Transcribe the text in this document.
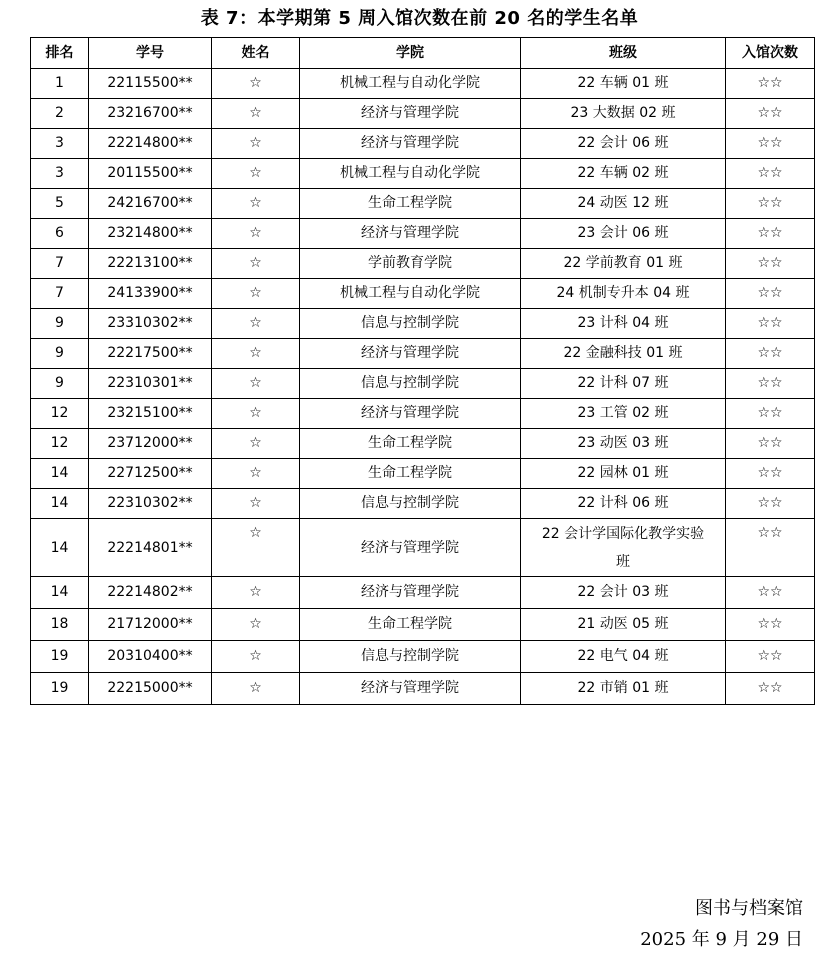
表 7：本学期第 5 周入馆次数在前 20 名的学生名单
排名	学号	姓名	学院	班级	入馆次数
1	22115500**	☆	机械工程与自动化学院	22 车辆 01 班	☆☆
2	23216700**	☆	经济与管理学院	23 大数据 02 班	☆☆
3	22214800**	☆	经济与管理学院	22 会计 06 班	☆☆
3	20115500**	☆	机械工程与自动化学院	22 车辆 02 班	☆☆
5	24216700**	☆	生命工程学院	24 动医 12 班	☆☆
6	23214800**	☆	经济与管理学院	23 会计 06 班	☆☆
7	22213100**	☆	学前教育学院	22 学前教育 01 班	☆☆
7	24133900**	☆	机械工程与自动化学院	24 机制专升本 04 班	☆☆
9	23310302**	☆	信息与控制学院	23 计科 04 班	☆☆
9	22217500**	☆	经济与管理学院	22 金融科技 01 班	☆☆
9	22310301**	☆	信息与控制学院	22 计科 07 班	☆☆
12	23215100**	☆	经济与管理学院	23 工管 02 班	☆☆
12	23712000**	☆	生命工程学院	23 动医 03 班	☆☆
14	22712500**	☆	生命工程学院	22 园林 01 班	☆☆
14	22310302**	☆	信息与控制学院	22 计科 06 班	☆☆
14	22214801**	☆	经济与管理学院	22 会计学国际化教学实验班	☆☆
14	22214802**	☆	经济与管理学院	22 会计 03 班	☆☆
18	21712000**	☆	生命工程学院	21 动医 05 班	☆☆
19	20310400**	☆	信息与控制学院	22 电气 04 班	☆☆
19	22215000**	☆	经济与管理学院	22 市销 01 班	☆☆
图书与档案馆
2025 年 9 月 29 日
